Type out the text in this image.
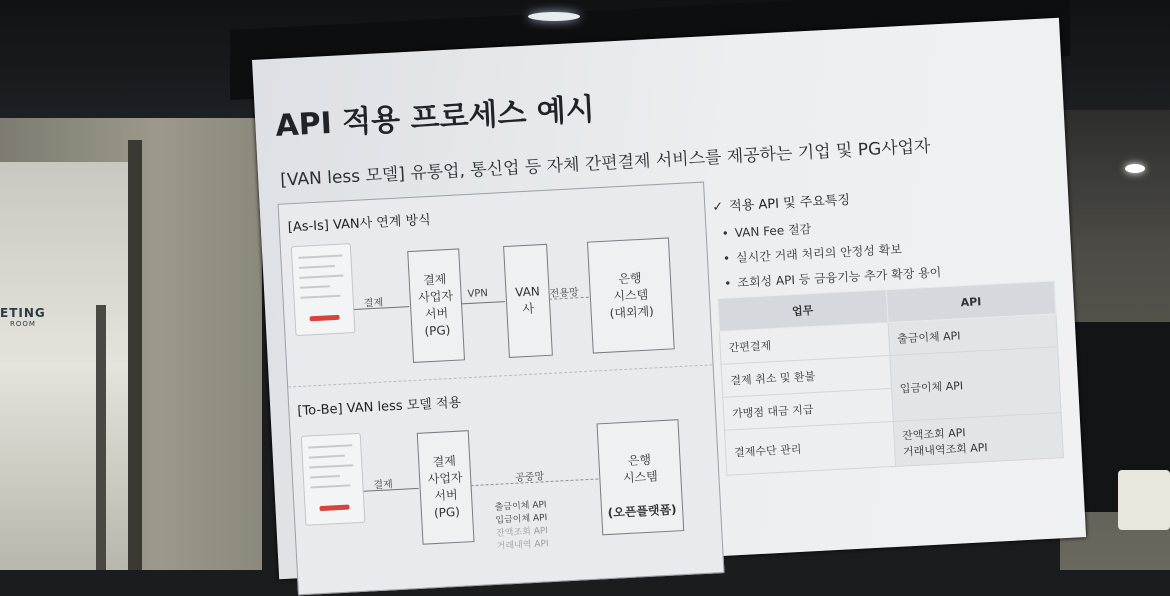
ETING
ROOM
API 적용 프로세스 예시
[VAN less 모델] 유통업, 통신업 등 자체 간편결제 서비스를 제공하는 기업 및 PG사업자
[As-Is] VAN사 연계 방식
결제
결제
사업자
서버
(PG)
VPN	VAN
사
전용망
은행
시스템
(대외계)
[To-Be] VAN less 모델 적용
결제
결제
사업자
서버
(PG)
공중망

은행
시스템

(오픈플랫폼)

출금이체 API
입금이체 API
잔액조회 API
거래내역 API
✓ 적용 API 및 주요특징
• VAN Fee 절감
• 실시간 거래 처리의 안정성 확보
• 조회성 API 등 금융기능 추가 확장 용이
업무	API
간편결제	출금이체 API
결제 취소 및 환불	입금이체 API
가맹점 대금 지급	
결제수단 관리	잔액조회 API
거래내역조회 API
